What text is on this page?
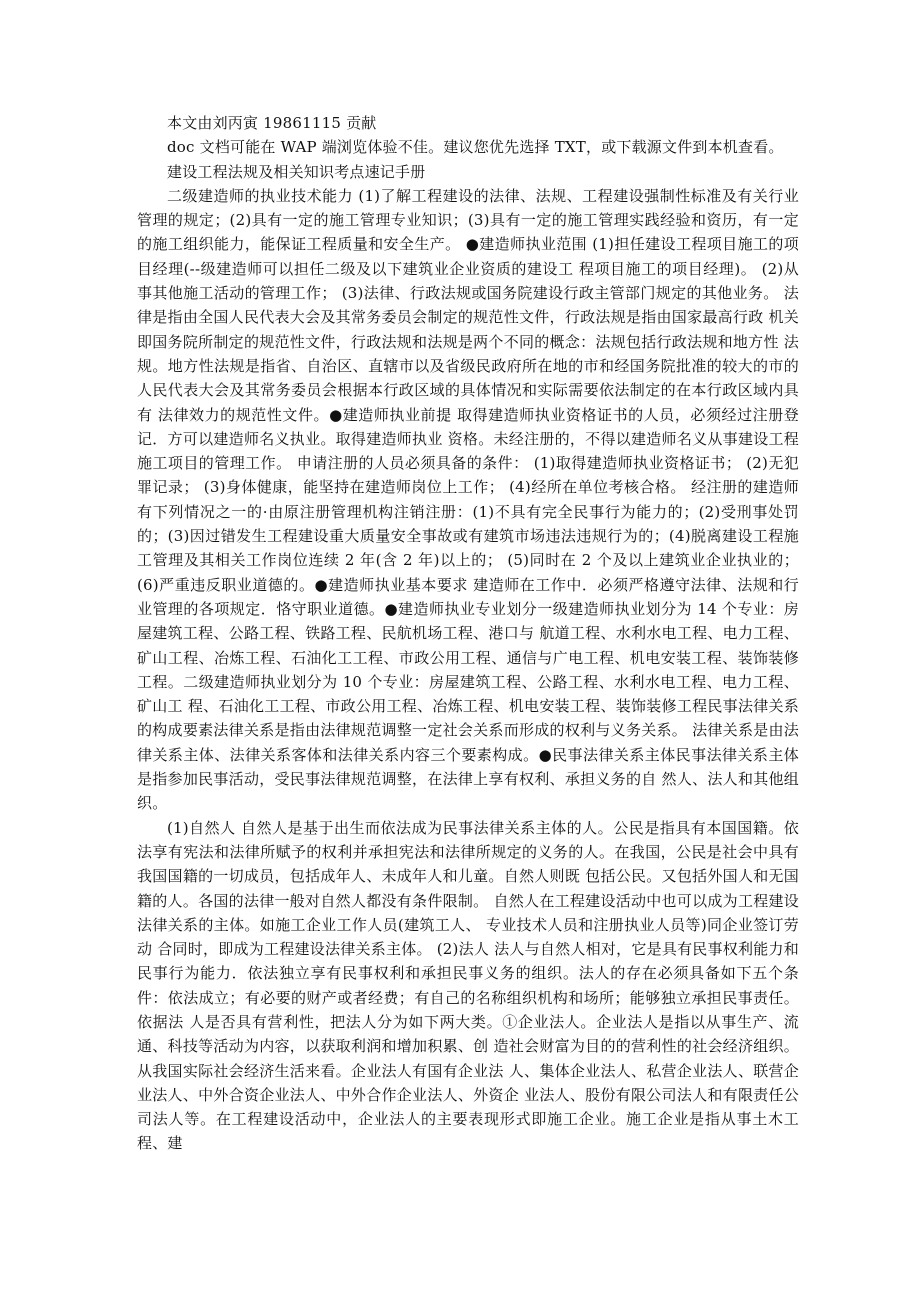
本文由刘丙寅 19861115 贡献

doc 文档可能在 WAP 端浏览体验不佳。建议您优先选择 TXT，或下载源文件到本机查看。

建设工程法规及相关知识考点速记手册

二级建造师的执业技术能力 (1)了解工程建设的法律、法规、工程建设强制性标准及有关行业管理的规定；(2)具有一定的施工管理专业知识；(3)具有一定的施工管理实践经验和资历，有一定的施工组织能力，能保证工程质量和安全生产。 ●建造师执业范围 (1)担任建设工程项目施工的项目经理(--级建造师可以担任二级及以下建筑业企业资质的建设工 程项目施工的项目经理)。 (2)从事其他施工活动的管理工作； (3)法律、行政法规或国务院建设行政主管部门规定的其他业务。 法律是指由全国人民代表大会及其常务委员会制定的规范性文件，行政法规是指由国家最高行政 机关即国务院所制定的规范性文件，行政法规和法规是两个不同的概念：法规包括行政法规和地方性 法规。地方性法规是指省、自治区、直辖市以及省级民政府所在地的市和经国务院批准的较大的市的人民代表大会及其常务委员会根据本行政区域的具体情况和实际需要依法制定的在本行政区域内具有 法律效力的规范性文件。●建造师执业前提 取得建造师执业资格证书的人员，必须经过注册登记．方可以建造师名义执业。取得建造师执业 资格。未经注册的，不得以建造师名义从事建设工程施工项目的管理工作。 申请注册的人员必须具备的条件： (1)取得建造师执业资格证书； (2)无犯罪记录； (3)身体健康，能坚持在建造师岗位上工作； (4)经所在单位考核合格。 经注册的建造师有下列情况之一的·由原注册管理机构注销注册：(1)不具有完全民事行为能力的；(2)受刑事处罚的；(3)因过错发生工程建设重大质量安全事故或有建筑市场违法违规行为的；(4)脱离建设工程施工管理及其相关工作岗位连续 2 年(含 2 年)以上的； (5)同时在 2 个及以上建筑业企业执业的； (6)严重违反职业道德的。●建造师执业基本要求 建造师在工作中．必须严格遵守法律、法规和行业管理的各项规定．恪守职业道德。●建造师执业专业划分一级建造师执业划分为 14 个专业：房屋建筑工程、公路工程、铁路工程、民航机场工程、港口与 航道工程、水利水电工程、电力工程、矿山工程、冶炼工程、石油化工工程、市政公用工程、通信与广电工程、机电安装工程、装饰装修工程。二级建造师执业划分为 10 个专业：房屋建筑工程、公路工程、水利水电工程、电力工程、矿山工 程、石油化工工程、市政公用工程、冶炼工程、机电安装工程、装饰装修工程民事法律关系的构成要素法律关系是指由法律规范调整一定社会关系而形成的权利与义务关系。 法律关系是由法律关系主体、法律关系客体和法律关系内容三个要素构成。●民事法律关系主体民事法律关系主体是指参加民事活动，受民事法律规范调整，在法律上享有权利、承担义务的自 然人、法人和其他组织。

(1)自然人 自然人是基于出生而依法成为民事法律关系主体的人。公民是指具有本国国籍。依法享有宪法和法律所赋予的权利并承担宪法和法律所规定的义务的人。在我国，公民是社会中具有我国国籍的一切成员，包括成年人、未成年人和儿童。自然人则既 包括公民。又包括外国人和无国籍的人。各国的法律一般对自然人都没有条件限制。 自然人在工程建设活动中也可以成为工程建设法律关系的主体。如施工企业工作人员(建筑工人、 专业技术人员和注册执业人员等)同企业签订劳动 合同时，即成为工程建设法律关系主体。 (2)法人 法人与自然人相对，它是具有民事权利能力和民事行为能力．依法独立享有民事权利和承担民事义务的组织。法人的存在必须具备如下五个条件：依法成立；有必要的财产或者经费；有自己的名称组织机构和场所；能够独立承担民事责任。依据法 人是否具有营利性，把法人分为如下两大类。①企业法人。企业法人是指以从事生产、流通、科技等活动为内容，以获取利润和增加积累、创 造社会财富为目的的营利性的社会经济组织。从我国实际社会经济生活来看。企业法人有国有企业法 人、集体企业法人、私营企业法人、联营企业法人、中外合资企业法人、中外合作企业法人、外资企 业法人、股份有限公司法人和有限责任公司法人等。在工程建设活动中，企业法人的主要表现形式即施工企业。施工企业是指从事土木工程、建
